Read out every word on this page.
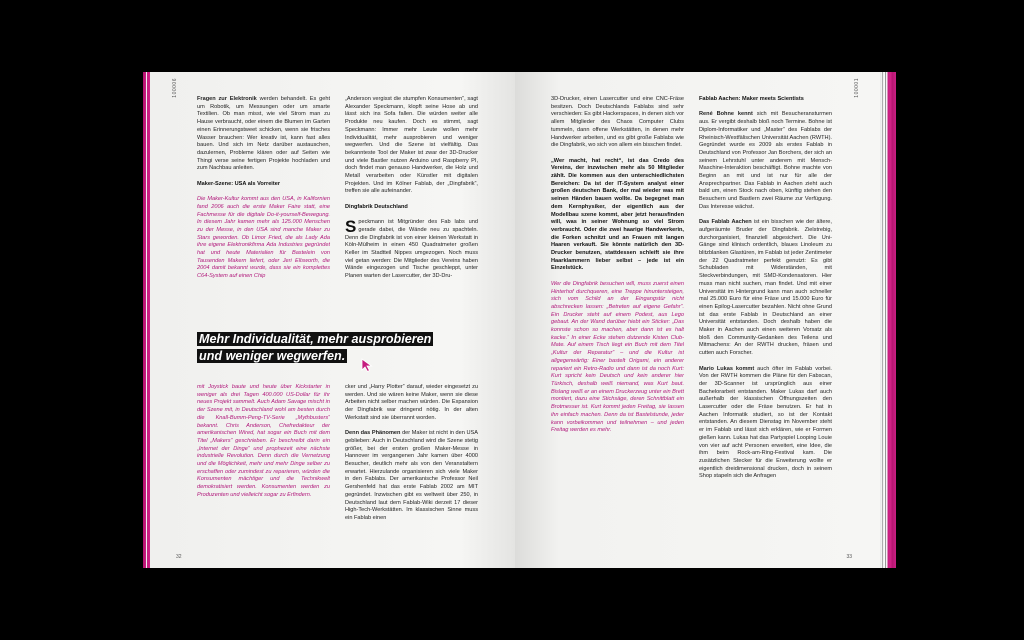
100006

Fragen zur Elektronik werden behandelt. Es geht um Robotik, um Messungen oder um smarte Textilien. Ob man misst, wie viel Strom man zu Hause verbraucht, oder einem die Blumen im Garten einen Erinnerungstweet schicken, wenn sie frisches Wasser brauchen: Wer kreativ ist, kann fast alles bauen. Und sich im Netz darüber austauschen, dazulernen, Probleme klären oder auf Seiten wie Thingi verse seine fertigen Projekte hochladen und zum Nachbau anleiten.

Maker-Szene: USA als Vorreiter

Die Maker-Kultur kommt aus den USA, in Kalifornien fand 2006 auch die erste Maker Faire statt, eine Fachmesse für die digitale Do-it-yourself-Bewegung. In diesem Jahr kamen mehr als 125.000 Menschen zu der Messe, in den USA sind manche Maker zu Stars geworden. Ob Limor Fried, die als Lady Ada ihre eigene Elektronikfirma Ada Industries gegründet hat und heute Materialien für Bastelein von Tausenden Makern liefert, oder Jeri Ellsworth, die 2004 damit bekannt wurde, dass sie ein komplettes C64-System auf einen Chip

„Anderson vergisst die stumpfen Konsumenten“, sagt Alexander Speckmann, klopft seine Hose ab und lässt sich ins Sofa fallen. Die würden weiter alle Produkte neu kaufen. Doch es stimmt, sagt Speckmann: Immer mehr Leute wollen mehr Individualität, mehr ausprobieren und weniger wegwerfen. Und die Szene ist vielfältig. Das bekannteste Tool der Maker ist zwar der 3D-Drucker und viele Bastler nutzen Arduino und Raspberry PI, doch findet man genauso Handwerker, die Holz und Metall verarbeiten oder Künstler mit digitalen Projekten. Und im Kölner Fablab, der „Dingfabrik“, treffen sie alle aufeinander.

Dingfabrik Deutschland

Speckmann ist Mitgründer des Fab labs und gerade dabei, die Wände neu zu spachteln. Denn die Dingfabrik ist von einer kleinen Werkstatt in Köln-Mülheim in einen 450 Quadratmeter großen Keller im Stadtteil Nippes umgezogen. Noch muss viel getan werden: Die Mitglieder des Vereins haben Wände eingezogen und Tische geschleppt, unter Planen warten der Lasercutter, der 3D-Dru-

Mehr Individualität, mehr ausprobieren
und weniger wegwerfen.

mit Joystick baute und heute über Kickstarter in weniger als drei Tagen 400.000 US-Dollar für ihr neues Projekt sammelt. Auch Adam Savage mischt in der Szene mit, in Deutschland wohl am besten durch die Knall-Bumm-Peng-TV-Serie „Mythbusters“ bekannt. Chris Anderson, Chefredakteur der amerikanischen Wired, hat sogar ein Buch mit dem Titel „Makers“ geschrieben. Er beschreibt darin ein „Internet der Dinge“ und prophezeit eine nächste industrielle Revolution. Denn durch die Vernetzung und die Möglichkeit, mehr und mehr Dinge selber zu erschaffen oder zumindest zu reparieren, würden die Konsumenten mächtiger und die Technikwelt demokratisiert werden. Konsumenten werden zu Produzenten und vielleicht sogar zu Erfindern.

cker und „Harry Plotter“ darauf, wieder eingesetzt zu werden. Und sie wären keine Maker, wenn sie diese Arbeiten nicht selber machen würden. Die Expansion der Dingfabrik war dringend nötig. In der alten Werkstatt sind sie überrannt worden.

Denn das Phänomen der Maker ist nicht in den USA geblieben: Auch in Deutschland wird die Szene stetig größer, bei der ersten großen Maker-Messe in Hannover im vergangenen Jahr kamen über 4000 Besucher, deutlich mehr als von den Veranstaltern erwartet. Hierzulande organisieren sich viele Maker in den Fablabs. Der amerikanische Professor Neil Gershenfeld hat das erste Fablab 2002 am MIT gegründet. Inzwischen gibt es weltweit über 250, in Deutschland laut dem Fablab-Wiki derzeit 17 dieser High-Tech-Werkstätten. Im klassischen Sinne muss ein Fablab einen

32
100001

3D-Drucker, einen Lasercutter und eine CNC-Fräse besitzen. Doch Deutschlands Fablabs sind sehr verschieden: Es gibt Hackerspaces, in denen sich vor allem Mitglieder des Chaos Computer Clubs tummeln, dann offene Werkstätten, in denen mehr Handwerker arbeiten, und es gibt große Fablabs wie die Dingfabrik, wo sich von allem ein bisschen findet.

„Wer macht, hat recht“, ist das Credo des Vereins, der inzwischen mehr als 50 Mitglieder zählt. Die kommen aus den unterschiedlichsten Bereichen: Da ist der IT-System analyst einer großen deutschen Bank, der mal wieder was mit seinen Händen bauen wollte. Da begegnet man dem Kernphysiker, der eigentlich aus der Modellbau szene kommt, aber jetzt herausfinden will, was in seiner Wohnung so viel Strom verbraucht. Oder die zwei haarige Handwerkerin, die Forken schnitzt und an Frauen mit langen Haaren verkauft. Sie könnte natürlich den 3D-Drucker benutzen, stattdessen schleift sie ihre Haarklammern lieber selbst – jede ist ein Einzelstück.

Wer die Dingfabrik besuchen will, muss zuerst einen Hinterhof durchqueren, eine Treppe hinuntersteigen, sich vom Schild an der Eingangstür nicht abschrecken lassen: „Betreten auf eigene Gefahr“. Ein Drucker steht auf einem Podest, aus Lego gebaut. An der Wand darüber hiebt ein Sticker: „Das konnste schon so machen, aber dann ist es halt kacke.“ In einer Ecke stehen dutzende Kisten Club-Mate. Auf einem Tisch liegt ein Buch mit dem Titel „Kultur der Reparatur“ – und die Kultur ist allgegenwärtig: Einer bastelt Origami, ein anderer repariert ein Retro-Radio und dann ist da noch Kurt: Kurt spricht kein Deutsch und kein anderer hier Türkisch, deshalb weiß niemand, was Kurt baut. Bislang weiß er an einem Druckerzeug unter ein Brett montiert, dazu eine Stichsäge, deren Schnittblatt ein Brotmesser ist. Kurt kommt jeden Freitag, sie lassen ihn einfach machen. Denn da ist Bastelstunde, jeder kann vorbeikommen und teilnehmen – und jeden Freitag werden es mehr.

Fablab Aachen: Maker meets Scientists

René Bohne kennt sich mit Besucheransturmen aus. Er vergibt deshalb bloß noch Termine. Bohne ist Diplom-Informatiker und „Master“ des Fablabs der Rheinisch-Westfälischen Universität Aachen (RWTH). Gegründet wurde es 2009 als erstes Fablab in Deutschland von Professor Jan Borchers, der sich an seinem Lehrstuhl unter anderem mit Mensch-Maschine-Interaktion beschäftigt. Bohne machte von Beginn an mit und ist nur für alle der Ansprechpartner. Das Fablab in Aachen zieht auch bald um, einen Stock nach oben, künftig stehen den Besuchern und Bastlern zwei Räume zur Verfügung. Das Interesse wächst.

Das Fablab Aachen ist ein bisschen wie der ältere, aufgeräumte Bruder der Dingfabrik. Zielstrebig, durchorganisiert, finanziell abgesichert. Die Uni-Gänge sind klinisch ordentlich, blaues Linoleum zu blitzblanken Glastüren, im Fablab ist jeder Zentimeter der 22 Quadratmeter perfekt genutzt: Es gibt Schubladen mit Widerständen, mit Steckverbindungen, mit SMD-Kondensatoren. Hier muss man nicht suchen, man findet. Und mit einer Universität im Hintergrund kann man auch schneller mal 25.000 Euro für eine Fräse und 15.000 Euro für einen Epilog-Lasercutter bezahlen. Nicht ohne Grund ist das erste Fablab in Deutschland an einer Universität entstanden. Doch deshalb haben die Maker in Aachen auch einen weiteren Vorsatz als bloß den Community-Gedanken des Teilens und Mitmachens: An der RWTH drucken, fräsen und cutten auch Forscher.

Mario Lukas kommt auch öfter im Fablab vorbei. Von der RWTH kommen die Pläne für den Fabscan, der 3D-Scanner ist ursprünglich aus einer Bachelorarbeit entstanden. Maker Lukas darf auch außerhalb der klassischen Öffnungszeiten den Lasercutter oder die Fräse benutzen. Er hat in Aachen Informatik studiert, so ist der Kontakt entstanden. An diesem Dienstag im November steht er im Fablab und lässt sich erklären, wie er Formen gießen kann. Lukas hat das Partyspiel Looping Louie von vier auf acht Personen erweitert, eine Idee, die ihm beim Rock-am-Ring-Festival kam. Die zusätzlichen Stecker für die Erweiterung wollte er eigentlich dreidimensional drucken, doch in seinem Shop stapeln sich die Anfragen

33
